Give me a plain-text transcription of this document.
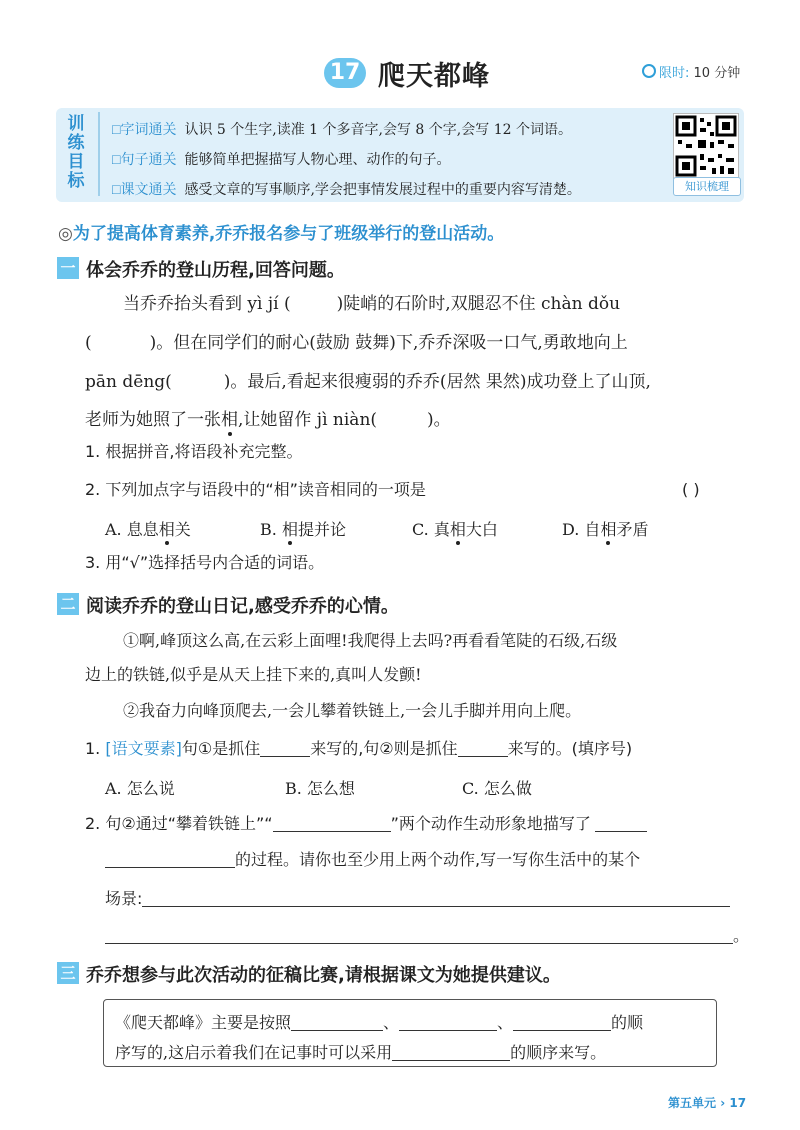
17 爬天都峰	限时: 10 分钟
训
练
目
标
□字词通关 认识 5 个生字,读准 1 个多音字,会写 8 个字,会写 12 个词语。
□句子通关 能够简单把握描写人物心理、动作的句子。
□课文通关 感受文章的写事顺序,学会把事情发展过程中的重要内容写清楚。	知识梳理
◎为了提高体育素养,乔乔报名参与了班级举行的登山活动。
一 体会乔乔的登山历程,回答问题。
当乔乔抬头看到 yì jí (	)陡峭的石阶时,双腿忍不住 chàn dǒu
(	)。但在同学们的耐心(鼓励 鼓舞)下,乔乔深吸一口气,勇敢地向上
pān dēng(	)。最后,看起来很瘦弱的乔乔(居然 果然)成功登上了山顶,
老师为她照了一张相,让她留作 jì niàn(	)。
1. 根据拼音,将语段补充完整。
2. 下列加点字与语段中的“相”读音相同的一项是	( )
A. 息息相关	B. 相提并论	C. 真相大白	D. 自相矛盾
3. 用“√”选择括号内合适的词语。
二 阅读乔乔的登山日记,感受乔乔的心情。
①啊,峰顶这么高,在云彩上面哩!我爬得上去吗?再看看笔陡的石级,石级
边上的铁链,似乎是从天上挂下来的,真叫人发颤!
②我奋力向峰顶爬去,一会儿攀着铁链上,一会儿手脚并用向上爬。
1. [语文要素]句①是抓住	来写的,句②则是抓住	来写的。(填序号)
A. 怎么说	B. 怎么想	C. 怎么做
2. 句②通过“攀着铁链上”“	”两个动作生动形象地描写了
的过程。请你也至少用上两个动作,写一写你生活中的某个
场景:
。
三 乔乔想参与此次活动的征稿比赛,请根据课文为她提供建议。
《爬天都峰》主要是按照	、	、	的顺
序写的,这启示着我们在记事时可以采用	的顺序来写。
第五单元 › 17
